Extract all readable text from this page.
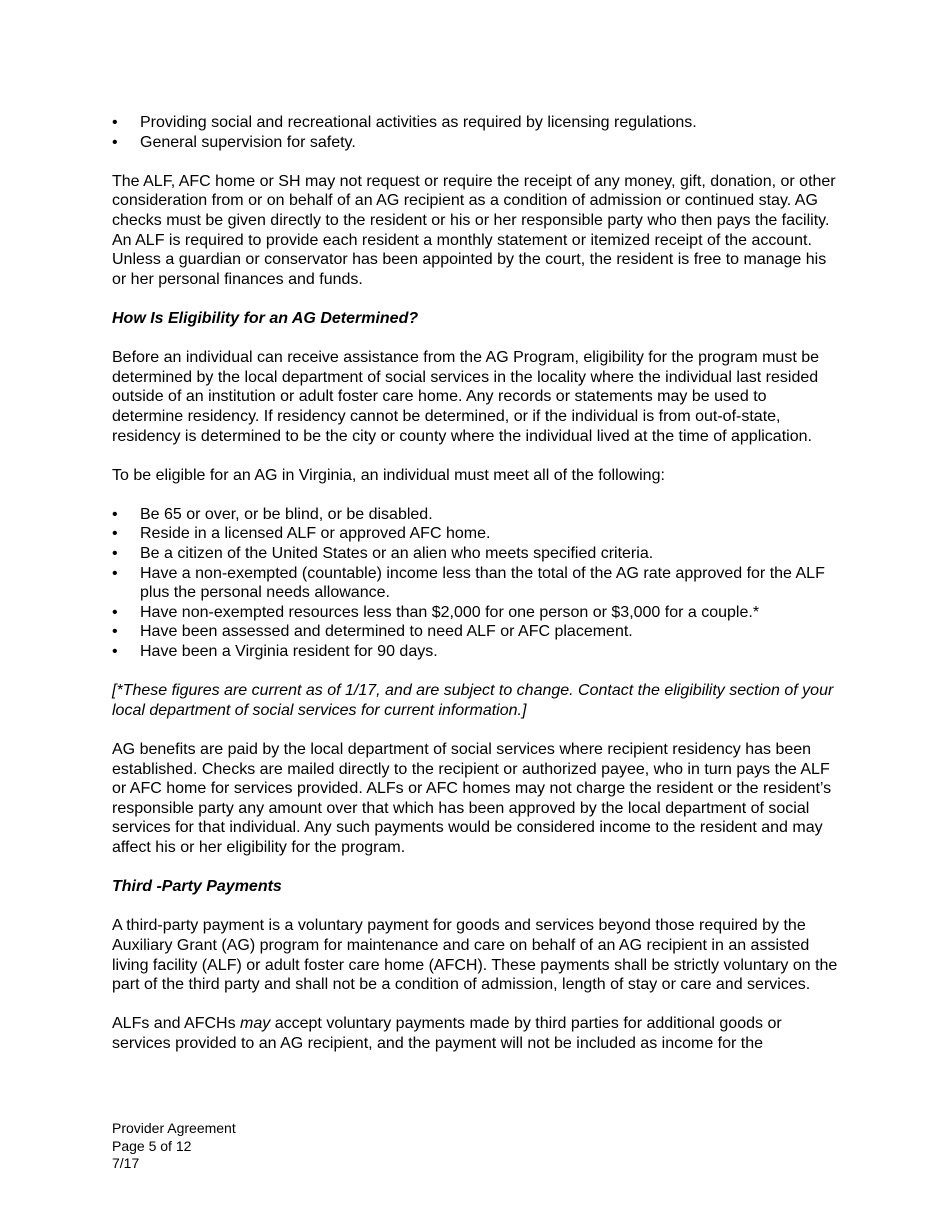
• Providing social and recreational activities as required by licensing regulations.
• General supervision for safety.

The ALF, AFC home or SH may not request or require the receipt of any money, gift, donation, or other consideration from or on behalf of an AG recipient as a condition of admission or continued stay. AG checks must be given directly to the resident or his or her responsible party who then pays the facility. An ALF is required to provide each resident a monthly statement or itemized receipt of the account. Unless a guardian or conservator has been appointed by the court, the resident is free to manage his or her personal finances and funds.

How Is Eligibility for an AG Determined?

Before an individual can receive assistance from the AG Program, eligibility for the program must be determined by the local department of social services in the locality where the individual last resided outside of an institution or adult foster care home. Any records or statements may be used to determine residency. If residency cannot be determined, or if the individual is from out-of-state, residency is determined to be the city or county where the individual lived at the time of application.

To be eligible for an AG in Virginia, an individual must meet all of the following:

• Be 65 or over, or be blind, or be disabled.
• Reside in a licensed ALF or approved AFC home.
• Be a citizen of the United States or an alien who meets specified criteria.
• Have a non-exempted (countable) income less than the total of the AG rate approved for the ALF plus the personal needs allowance.
• Have non-exempted resources less than $2,000 for one person or $3,000 for a couple.*
• Have been assessed and determined to need ALF or AFC placement.
• Have been a Virginia resident for 90 days.

[*These figures are current as of 1/17, and are subject to change. Contact the eligibility section of your local department of social services for current information.]

AG benefits are paid by the local department of social services where recipient residency has been established. Checks are mailed directly to the recipient or authorized payee, who in turn pays the ALF or AFC home for services provided. ALFs or AFC homes may not charge the resident or the resident’s responsible party any amount over that which has been approved by the local department of social services for that individual. Any such payments would be considered income to the resident and may affect his or her eligibility for the program.

Third -Party Payments

A third-party payment is a voluntary payment for goods and services beyond those required by the Auxiliary Grant (AG) program for maintenance and care on behalf of an AG recipient in an assisted living facility (ALF) or adult foster care home (AFCH). These payments shall be strictly voluntary on the part of the third party and shall not be a condition of admission, length of stay or care and services.

ALFs and AFCHs may accept voluntary payments made by third parties for additional goods or services provided to an AG recipient, and the payment will not be included as income for the

Provider Agreement
Page 5 of 12
7/17
